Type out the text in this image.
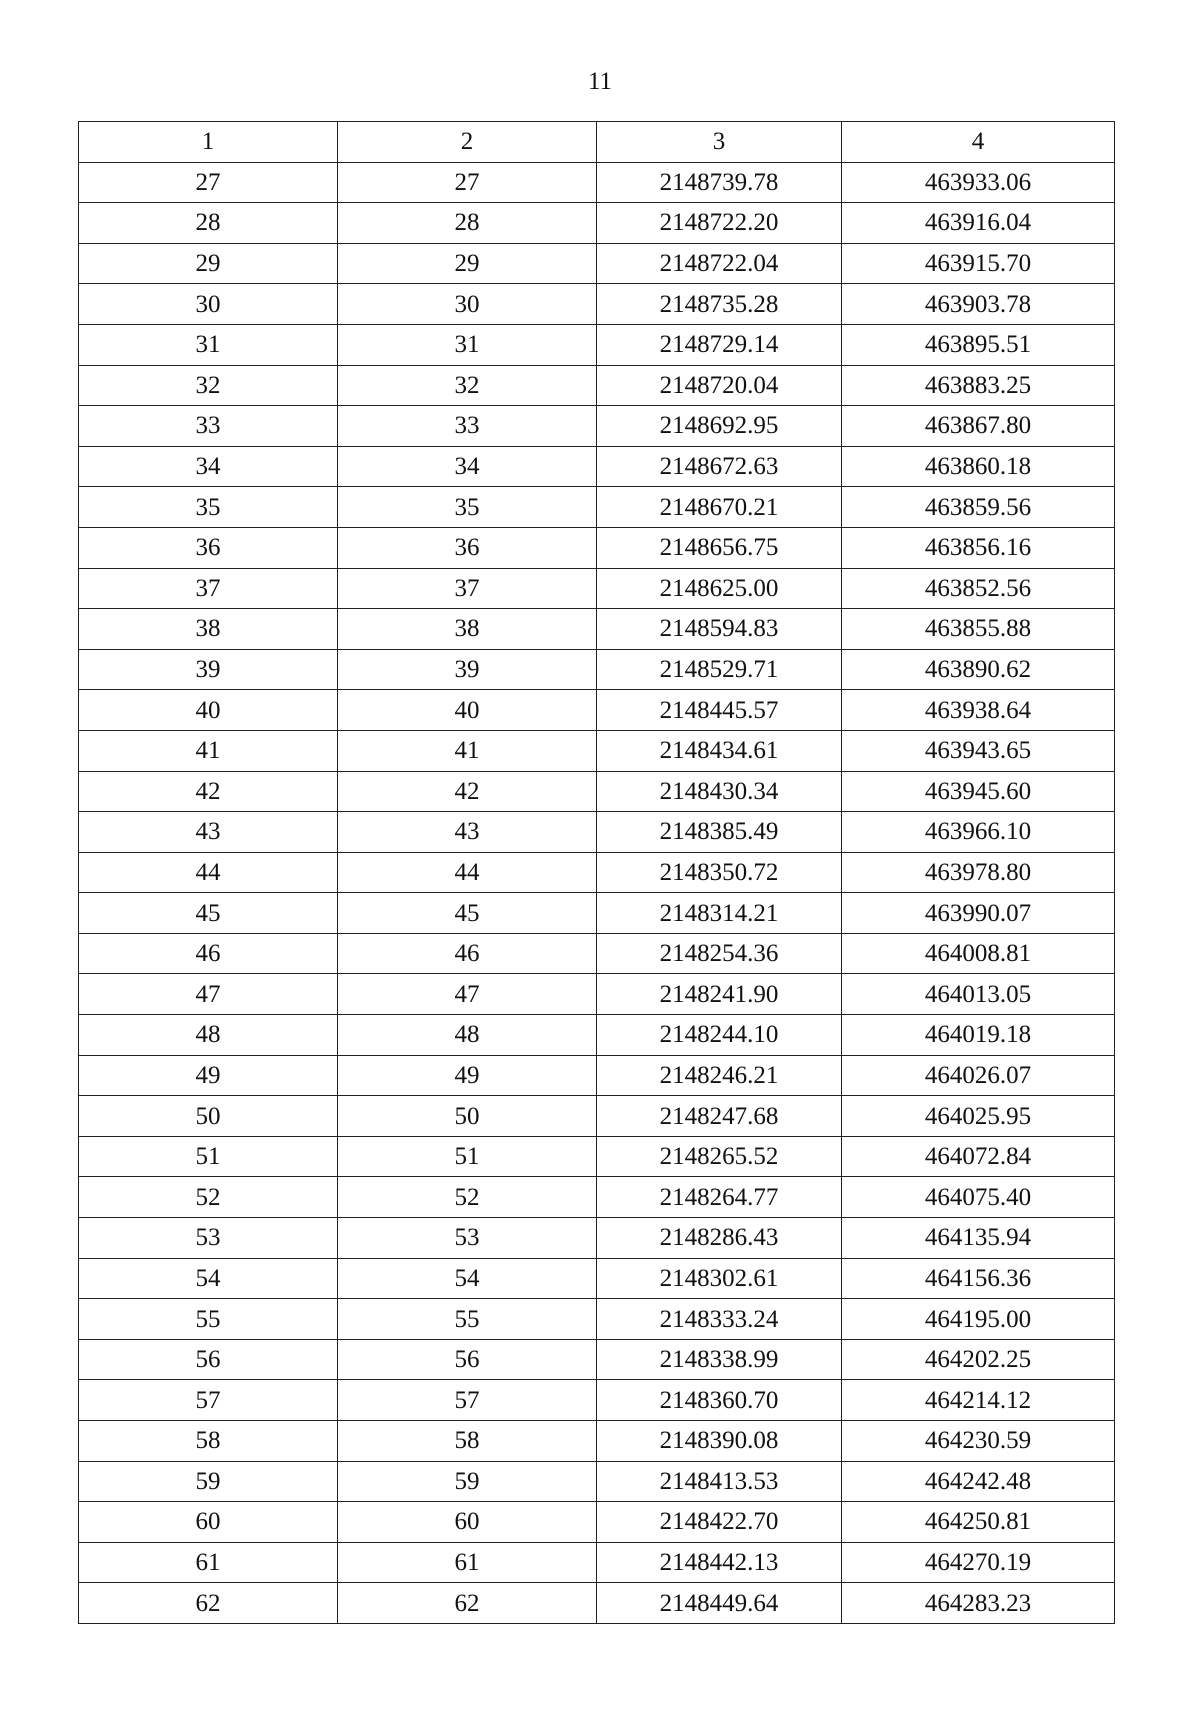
11
1	2	3	4
27	27	2148739.78	463933.06
28	28	2148722.20	463916.04
29	29	2148722.04	463915.70
30	30	2148735.28	463903.78
31	31	2148729.14	463895.51
32	32	2148720.04	463883.25
33	33	2148692.95	463867.80
34	34	2148672.63	463860.18
35	35	2148670.21	463859.56
36	36	2148656.75	463856.16
37	37	2148625.00	463852.56
38	38	2148594.83	463855.88
39	39	2148529.71	463890.62
40	40	2148445.57	463938.64
41	41	2148434.61	463943.65
42	42	2148430.34	463945.60
43	43	2148385.49	463966.10
44	44	2148350.72	463978.80
45	45	2148314.21	463990.07
46	46	2148254.36	464008.81
47	47	2148241.90	464013.05
48	48	2148244.10	464019.18
49	49	2148246.21	464026.07
50	50	2148247.68	464025.95
51	51	2148265.52	464072.84
52	52	2148264.77	464075.40
53	53	2148286.43	464135.94
54	54	2148302.61	464156.36
55	55	2148333.24	464195.00
56	56	2148338.99	464202.25
57	57	2148360.70	464214.12
58	58	2148390.08	464230.59
59	59	2148413.53	464242.48
60	60	2148422.70	464250.81
61	61	2148442.13	464270.19
62	62	2148449.64	464283.23
